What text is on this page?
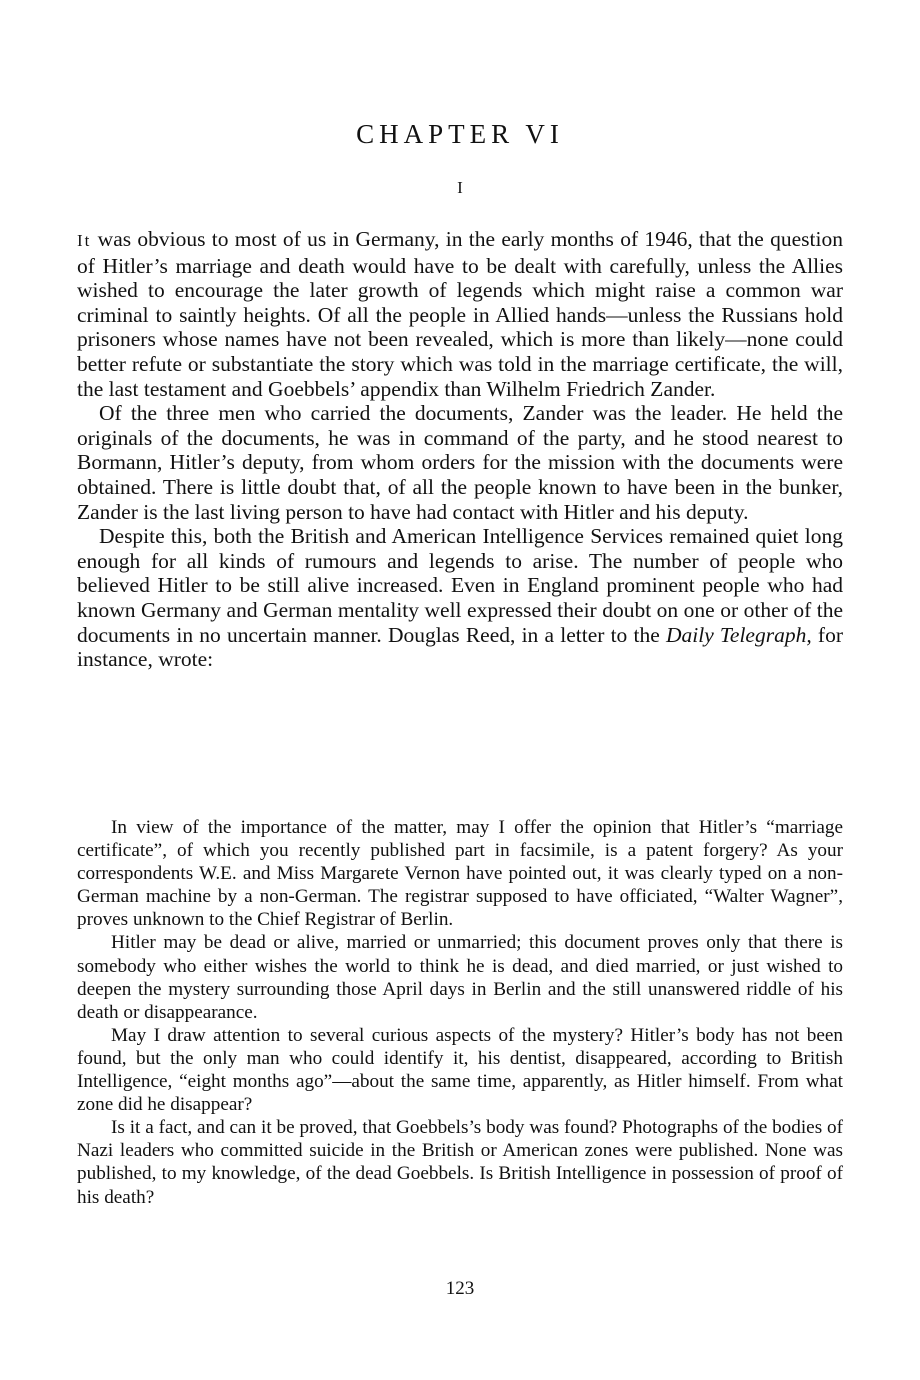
CHAPTER VI
I

It was obvious to most of us in Germany, in the early months of 1946, that the question of Hitler’s marriage and death would have to be dealt with carefully, unless the Allies wished to encourage the later growth of legends which might raise a common war criminal to saintly heights. Of all the people in Allied hands—unless the Russians hold prisoners whose names have not been revealed, which is more than likely—none could better refute or substantiate the story which was told in the marriage certificate, the will, the last testament and Goebbels’ appendix than Wilhelm Friedrich Zander.

Of the three men who carried the documents, Zander was the leader. He held the originals of the documents, he was in command of the party, and he stood nearest to Bormann, Hitler’s deputy, from whom orders for the mission with the documents were obtained. There is little doubt that, of all the people known to have been in the bunker, Zander is the last living person to have had contact with Hitler and his deputy.

Despite this, both the British and American Intelligence Services remained quiet long enough for all kinds of rumours and legends to arise. The number of people who believed Hitler to be still alive increased. Even in England prominent people who had known Germany and German mentality well expressed their doubt on one or other of the documents in no uncertain manner. Douglas Reed, in a letter to the Daily Telegraph, for instance, wrote:

In view of the importance of the matter, may I offer the opinion that Hitler’s “marriage certificate”, of which you recently published part in facsimile, is a patent forgery? As your correspondents W.E. and Miss Margarete Vernon have pointed out, it was clearly typed on a non-German machine by a non-German. The registrar supposed to have officiated, “Walter Wagner”, proves unknown to the Chief Registrar of Berlin.

Hitler may be dead or alive, married or unmarried; this document proves only that there is somebody who either wishes the world to think he is dead, and died married, or just wished to deepen the mystery surrounding those April days in Berlin and the still unanswered riddle of his death or disappearance.

May I draw attention to several curious aspects of the mystery? Hitler’s body has not been found, but the only man who could identify it, his dentist, disappeared, according to British Intelligence, “eight months ago”—about the same time, apparently, as Hitler himself. From what zone did he disappear?

Is it a fact, and can it be proved, that Goebbels’s body was found? Photographs of the bodies of Nazi leaders who committed suicide in the British or American zones were published. None was published, to my knowledge, of the dead Goebbels. Is British Intelligence in possession of proof of his death?

123
